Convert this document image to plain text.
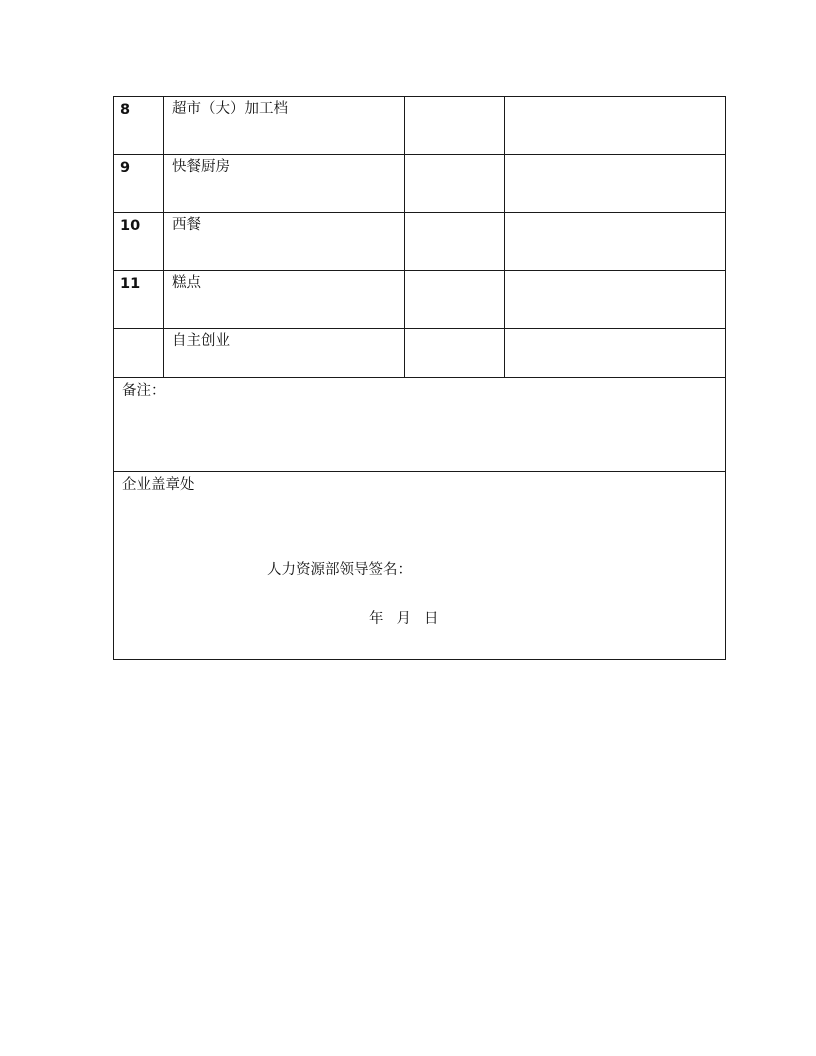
8	超市（大）加工档		
9	快餐厨房		
10	西餐		
11	糕点		
	自主创业		
备注：			

企业盖章处
人力资源部领导签名：
年 月 日			
